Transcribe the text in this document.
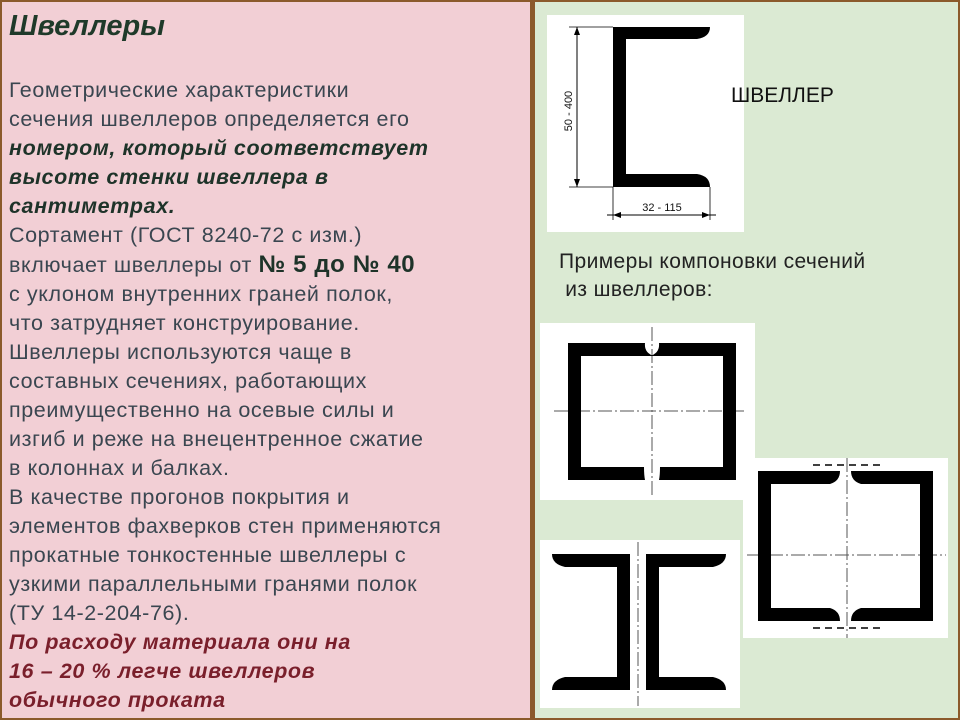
Швеллеры
Геометрические характеристики
сечения швеллеров определяется его
номером, который соответствует
высоте стенки швеллера в
сантиметрах.
Сортамент (ГОСТ 8240-72 с изм.)
включает швеллеры от № 5 до № 40
с уклоном внутренних граней полок,
что затрудняет конструирование.
Швеллеры используются чаще в
составных сечениях, работающих
преимущественно на осевые силы и
изгиб и реже на внецентренное сжатие
в колоннах и балках.
В качестве прогонов покрытия и
элементов фахверков стен применяются
прокатные тонкостенные швеллеры с
узкими параллельными гранями полок
(ТУ 14-2-204-76).
По расходу материала они на
16 – 20 % легче швеллеров
обычного проката
50 - 400
32 - 115
ШВЕЛЛЕР
Примеры компоновки сечений
из швеллеров:
